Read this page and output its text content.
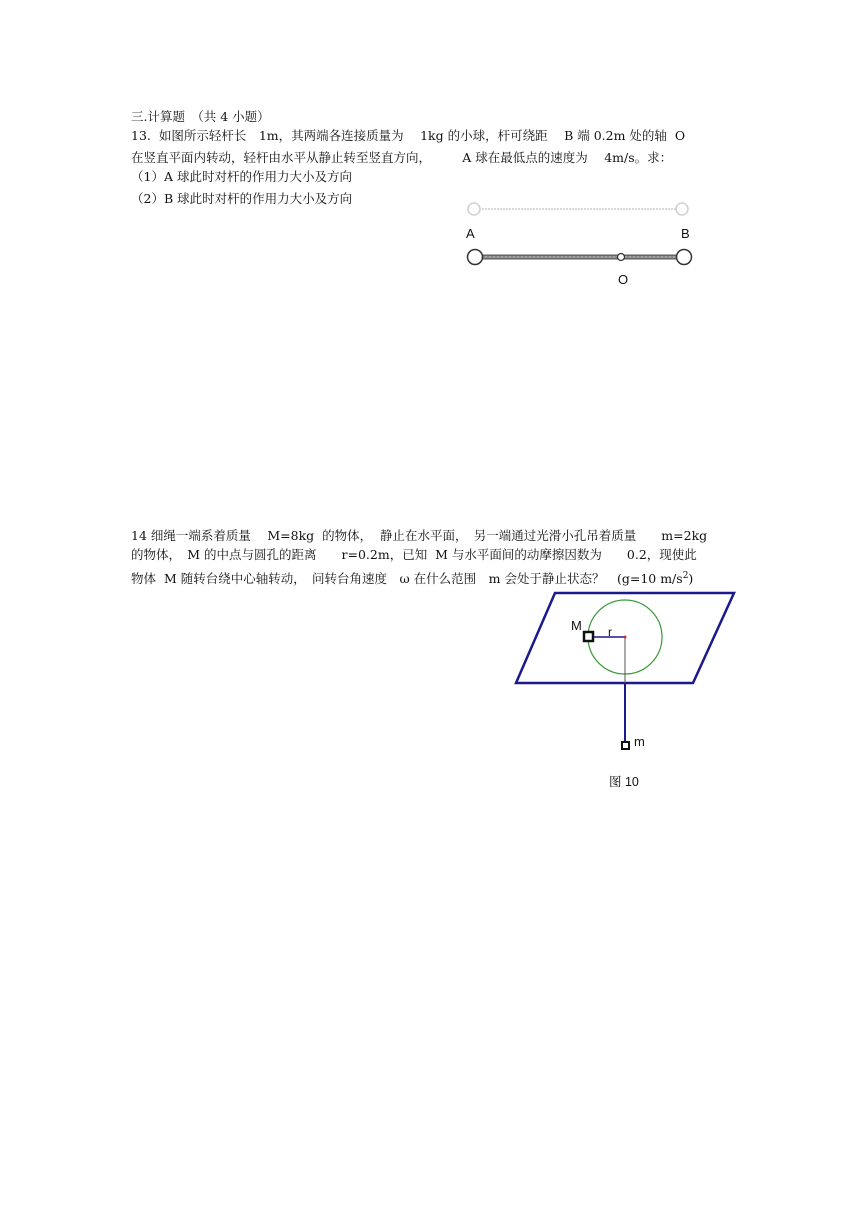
三.计算题　（共 4 小题）
13.  如图所示轻杆长　1m，其两端各连接质量为　 1kg 的小球，杆可绕距　 B 端 0.2m 处的轴  O
在竖直平面内转动，轻杆由水平从静止转至竖直方向，　　　A 球在最低点的速度为　 4m/s。求：
（1）A 球此时对杆的作用力大小及方向
（2）B 球此时对杆的作用力大小及方向
A	B
O
14 细绳一端系着质量　 M=8kg  的物体，  静止在水平面，　另一端通过光滑小孔吊着质量　　m=2kg
的物体，　M 的中点与圆孔的距离　　r=0.2m，已知  M 与水平面间的动摩擦因数为　　0.2，现使此
物体  M 随转台绕中心轴转动，　问转台角速度　ω 在什么范围　m 会处于静止状态？　(g=10 $m/s^2$)
M r
m
图 10
